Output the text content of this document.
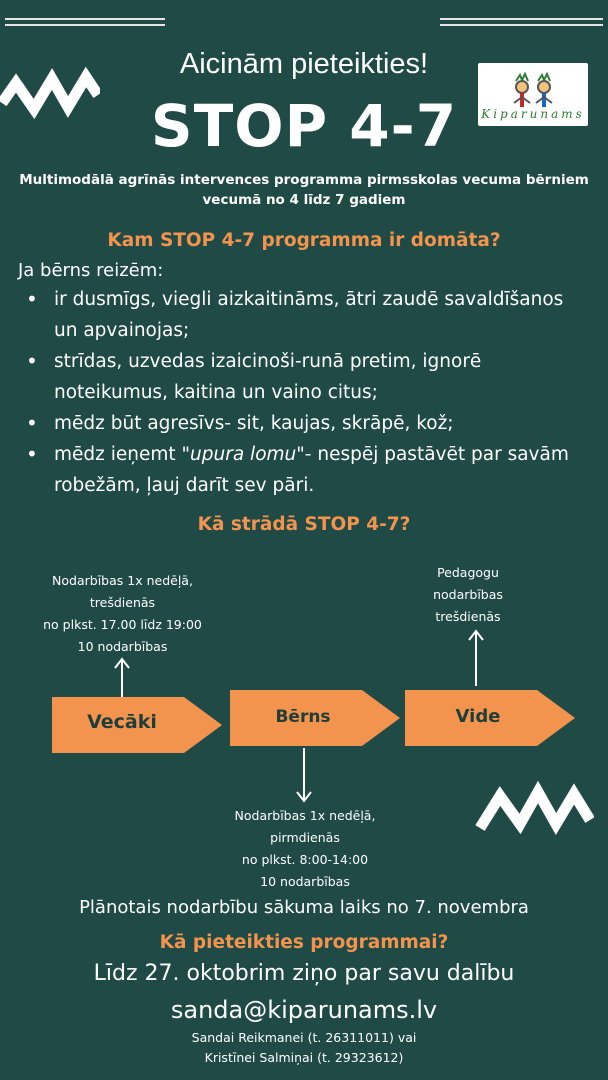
Aicinām pieteikties!
STOP 4-7	Kiparunams
Multimodālā agrīnās intervences programma pirmsskolas vecuma bērniem
vecumā no 4 līdz 7 gadiem
Kam STOP 4-7 programma ir domāta?
Ja bērns reizēm:
• ir dusmīgs, viegli aizkaitināms, ātri zaudē savaldīšanos un apvainojas;
• strīdas, uzvedas izaicinoši-runā pretim, ignorē noteikumus, kaitina un vaino citus;
• mēdz būt agresīvs- sit, kaujas, skrāpē, kož;
• mēdz ieņemt "upura lomu"- nespēj pastāvēt par savām robežām, ļauj darīt sev pāri.
Kā strādā STOP 4-7?
Nodarbības 1x nedēļā,
trešdienās
no plkst. 17.00 līdz 19:00
10 nodarbības
Pedagogu
nodarbības
trešdienās
Vecāki	Bērns	Vide
Nodarbības 1x nedēļā,
pirmdienās
no plkst. 8:00-14:00
10 nodarbības
Plānotais nodarbību sākuma laiks no 7. novembra
Kā pieteikties programmai?
Līdz 27. oktobrim ziņo par savu dalību
sanda@kiparunams.lv
Sandai Reikmanei (t. 26311011) vai
Kristīnei Salmiņai (t. 29323612)
